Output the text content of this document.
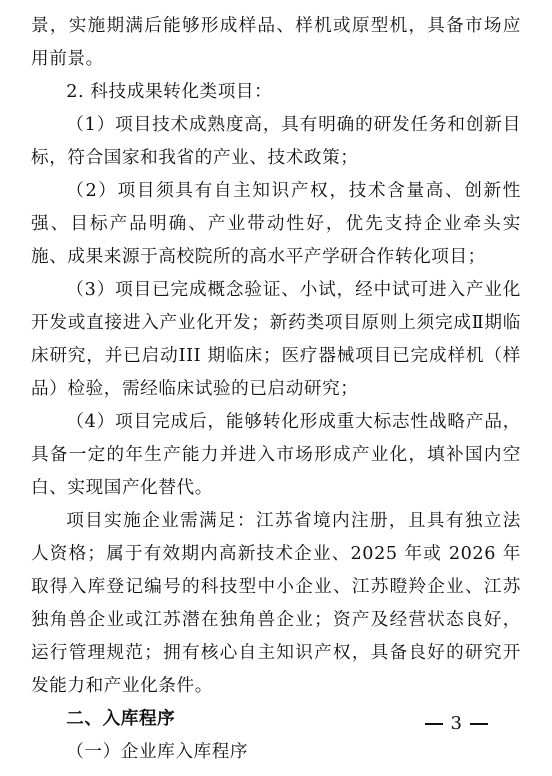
景，实施期满后能够形成样品、样机或原型机，具备市场应用前景。

2. 科技成果转化类项目：

（1）项目技术成熟度高，具有明确的研发任务和创新目标，符合国家和我省的产业、技术政策；

（2）项目须具有自主知识产权，技术含量高、创新性强、目标产品明确、产业带动性好，优先支持企业牵头实施、成果来源于高校院所的高水平产学研合作转化项目；

（3）项目已完成概念验证、小试，经中试可进入产业化开发或直接进入产业化开发；新药类项目原则上须完成Ⅱ期临床研究，并已启动III 期临床；医疗器械项目已完成样机（样品）检验，需经临床试验的已启动研究；

（4）项目完成后，能够转化形成重大标志性战略产品，具备一定的年生产能力并进入市场形成产业化，填补国内空白、实现国产化替代。

项目实施企业需满足：江苏省境内注册，且具有独立法人资格；属于有效期内高新技术企业、2025 年或 2026 年取得入库登记编号的科技型中小企业、江苏瞪羚企业、江苏独角兽企业或江苏潜在独角兽企业；资产及经营状态良好，运行管理规范；拥有核心自主知识产权，具备良好的研究开发能力和产业化条件。

二、入库程序

（一）企业库入库程序

3
